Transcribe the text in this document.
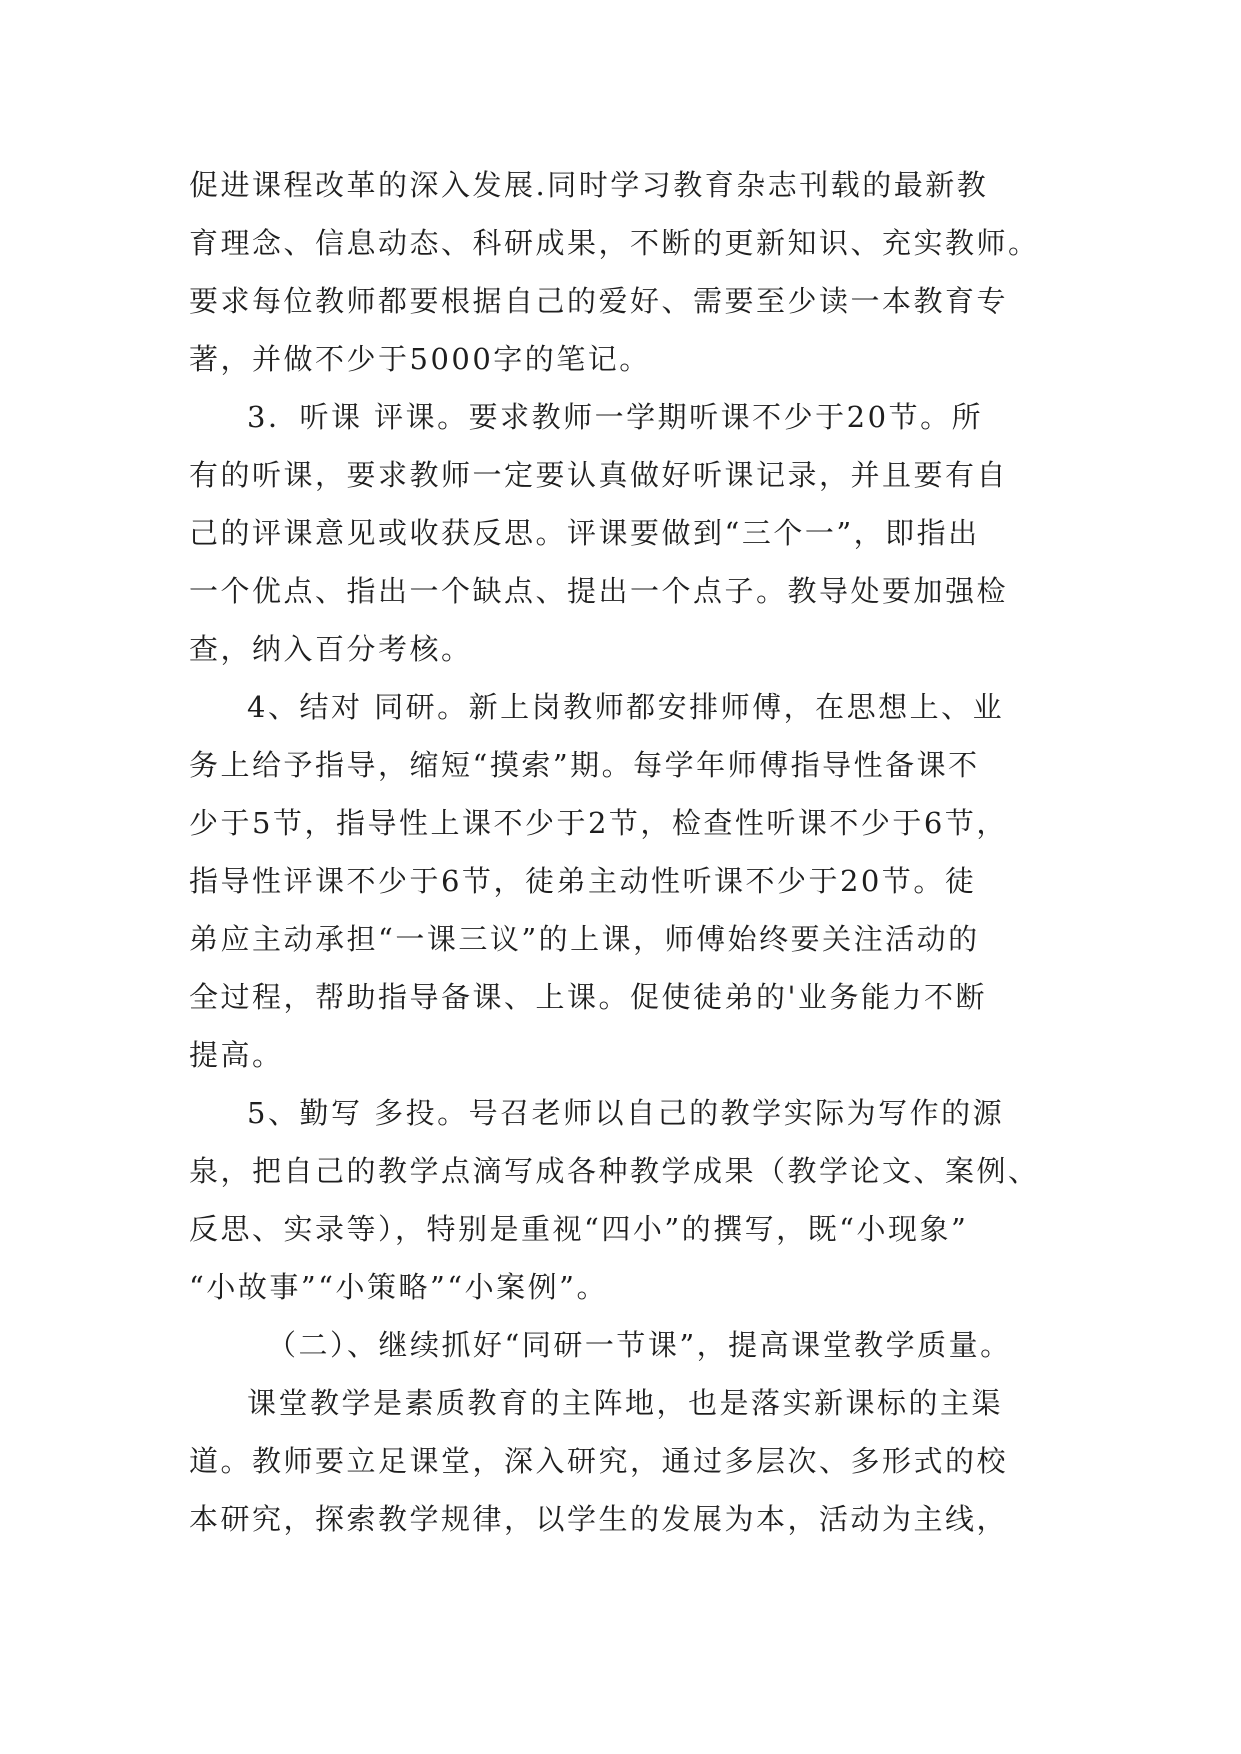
促进课程改革的深入发展.同时学习教育杂志刊载的最新教
育理念、信息动态、科研成果，不断的更新知识、充实教师。
要求每位教师都要根据自己的爱好、需要至少读一本教育专
著，并做不少于5000字的笔记。
3．听课 评课。要求教师一学期听课不少于20节。所
有的听课，要求教师一定要认真做好听课记录，并且要有自
己的评课意见或收获反思。评课要做到“三个一”，即指出
一个优点、指出一个缺点、提出一个点子。教导处要加强检
查，纳入百分考核。
4、结对 同研。新上岗教师都安排师傅，在思想上、业
务上给予指导，缩短“摸索”期。每学年师傅指导性备课不
少于5节，指导性上课不少于2节，检查性听课不少于6节，
指导性评课不少于6节，徒弟主动性听课不少于20节。徒
弟应主动承担“一课三议”的上课，师傅始终要关注活动的
全过程，帮助指导备课、上课。促使徒弟的'业务能力不断
提高。
5、勤写 多投。号召老师以自己的教学实际为写作的源
泉，把自己的教学点滴写成各种教学成果（教学论文、案例、
反思、实录等），特别是重视“四小”的撰写，既“小现象”
“小故事”“小策略”“小案例”。
（二）、继续抓好“同研一节课”，提高课堂教学质量。
课堂教学是素质教育的主阵地，也是落实新课标的主渠
道。教师要立足课堂，深入研究，通过多层次、多形式的校
本研究，探索教学规律，以学生的发展为本，活动为主线，
